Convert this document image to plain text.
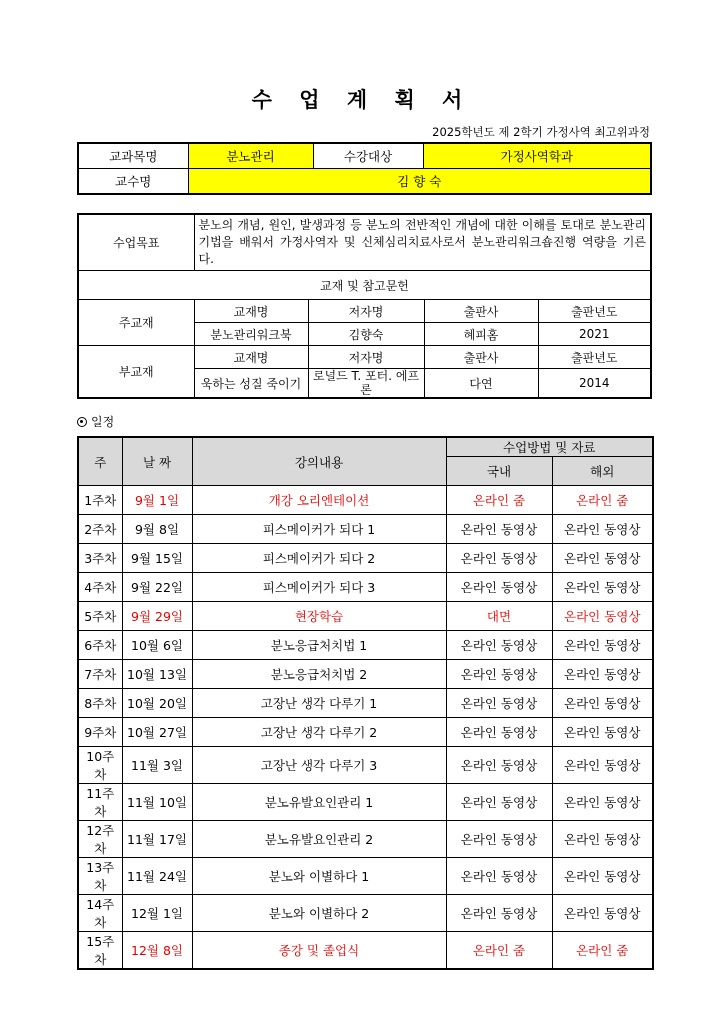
수 업 계 획 서
2025학년도 제 2학기 가정사역 최고위과정
교과목명	분노관리	수강대상	가정사역학과
교수명	김 향 숙		
수업목표	분노의 개념, 원인, 발생과정 등 분노의 전반적인 개념에 대한 이해를 토대로 분노관리 기법을 배워서 가정사역자 및 신체심리치료사로서 분노관리워크숍진행 역량을 기른다.			
교재 및 참고문헌				
주교재	교재명	저자명	출판사	출판년도
	분노관리워크북	김향숙	혜피홈	2021
부교재	교재명	저자명	출판사	출판년도
	욱하는 성질 죽이기	로널드 T. 포터. 에프론	다연	2014
일정
주	날 짜	강의내용	수업방법 및 자료	
			국내	해외
1주차	9월 1일	개강 오리엔테이션	온라인 줌	온라인 줌
2주차	9월 8일	피스메이커가 되다 1	온라인 동영상	온라인 동영상
3주차	9월 15일	피스메이커가 되다 2	온라인 동영상	온라인 동영상
4주차	9월 22일	피스메이커가 되다 3	온라인 동영상	온라인 동영상
5주차	9월 29일	현장학습	대면	온라인 동영상
6주차	10월 6일	분노응급처치법 1	온라인 동영상	온라인 동영상
7주차	10월 13일	분노응급처치법 2	온라인 동영상	온라인 동영상
8주차	10월 20일	고장난 생각 다루기 1	온라인 동영상	온라인 동영상
9주차	10월 27일	고장난 생각 다루기 2	온라인 동영상	온라인 동영상
10주차	11월 3일	고장난 생각 다루기 3	온라인 동영상	온라인 동영상
11주차	11월 10일	분노유발요인관리 1	온라인 동영상	온라인 동영상
12주차	11월 17일	분노유발요인관리 2	온라인 동영상	온라인 동영상
13주차	11월 24일	분노와 이별하다 1	온라인 동영상	온라인 동영상
14주차	12월 1일	분노와 이별하다 2	온라인 동영상	온라인 동영상
15주차	12월 8일	종강 및 졸업식	온라인 줌	온라인 줌
